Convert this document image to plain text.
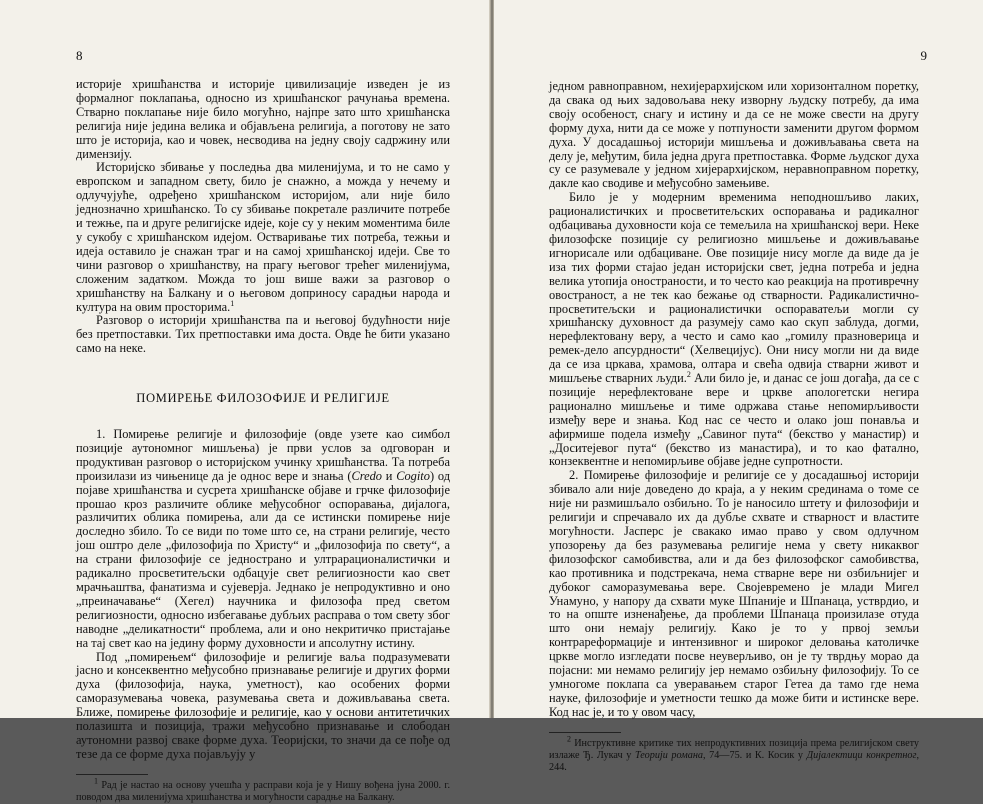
8

историје хришћанства и историје цивилизације изведен је из формалног поклапања, односно из хришћанског рачунања времена. Стварно поклапање није било могућно, најпре зато што хришћанска религија није једина велика и објављена религија, а поготову не зато што је историја, као и човек, несводива на једну своју садржину или димензију.

Историјско збивање у последња два миленијума, и то не само у европском и западном свету, било је снажно, а можда у нечему и одлучујуће, одређено хришћанском историјом, али није било једнозначно хришћанско. То су збивање покретале различите потребе и тежње, па и друге религијске идеје, које су у неким моментима биле у сукобу с хришћанском идејом. Остваривање тих потреба, тежњи и идеја оставило је снажан траг и на самој хришћанској идеји. Све то чини разговор о хришћанству, на прагу његовог трећег миленијума, сложеним задатком. Можда то још више важи за разговор о хришћанству на Балкану и о његовом доприносу сарадњи народа и култура на овим просторима.$^1$

Разговор о историји хришћанства па и његовој будућности није без претпоставки. Тих претпоставки има доста. Овде ће бити указано само на неке.

ПОМИРЕЊЕ ФИЛОЗОФИЈЕ И РЕЛИГИЈЕ

1. Помирење религије и филозофије (овде узете као симбол позиције аутономног мишљења) је први услов за одговоран и продуктиван разговор о историјском учинку хришћанства. Та потреба произилази из чињенице да је однос вере и знања (Credo и Cogito) од појаве хришћанства и сусрета хришћанске објаве и грчке филозофије прошао кроз различите облике међусобног оспоравања, дијалога, различитих облика помирења, али да се истински помирење није доследно збило. То се види по томе што се, на страни религије, често још оштро деле „филозофија по Христу“ и „филозофија по свету“, а на страни филозофије се једнострано и ултрарационалистички и радикално просветитељски одбацује свет религиозности као свет мрачњаштва, фанатизма и сујеверја. Једнако је непродуктивно и оно „преиначавање“ (Хегел) научника и филозофа пред светом религиозности, односно избегавање дубљих расправа о том свету због наводне „деликатности“ проблема, али и оно некритичко пристајање на тај свет као на једину форму духовности и апсолутну истину.

Под „помирењем“ филозофије и религије ваља подразумевати јасно и консеквентно међусобно признавање религије и других форми духа (филозофија, наука, уметност), као особених форми саморазумевања човека, разумевања света и доживљавања света. Ближе, помирење филозофије и религије, као у основи антитетичких полазишта и позиција, тражи међусобно признавање и слободан аутономни развој сваке форме духа. Теоријски, то значи да се пође од тезе да се форме духа појављују у

$^1$ Рад је настао на основу учешћа у расправи која је у Нишу вођена јуна 2000. г. поводом два миленијума хришћанства и могућности сарадње на Балкану.

9

једном равноправном, нехијерархијском или хоризонталном поретку, да свака од њих задовољава неку изворну људску потребу, да има своју особеност, снагу и истину и да се не може свести на другу форму духа, нити да се може у потпуности заменити другом формом духа. У досадашњој историји мишљења и доживљавања света на делу је, међутим, била једна друга претпоставка. Форме људског духа су се разумевале у једном хијерархијском, неравноправном поретку, дакле као сводиве и међусобно замењиве.

Било је у модерним временима неподношљиво лаких, рационалистичких и просветитељских оспоравања и радикалног одбацивања духовности која се темељила на хришћанској вери. Неке филозофске позиције су религиозно мишљење и доживљавање игнорисале или одбациване. Ове позиције нису могле да виде да је иза тих форми стајао један историјски свет, једна потреба и једна велика утопија оностраности, и то често као реакција на противречну овостраност, а не тек као бежање од стварности. Радикалистично-просветитељски и рационалистички оспораватељи могли су хришћанску духовност да разумеју само као скуп заблуда, догми, нерефлектовану веру, а често и само као „гомилу празноверица и ремек-дело апсурдности“ (Хелвецијус). Они нису могли ни да виде да се иза цркава, храмова, олтара и свећа одвија стварни живот и мишљење стварних људи.$^2$ Али било је, и данас се још догађа, да се с позиције нерефлектоване вере и црквe апологетски негира рационално мишљење и тиме одржава стање непомирљивости између вере и знања. Код нас се често и олако још понавља и афирмише подела између „Савиног пута“ (бекство у манастир) и „Доситејевог пута“ (бекство из манастира), и то као фатално, конзеквентне и непомирљиве објаве једне супротности.

2. Помирење филозофије и религије се у досадашњој историји збивало али није доведено до краја, а у неким срединама о томе се није ни размишљало озбиљно. То је наносило штету и филозофији и религији и спречавало их да дубље схвате и стварност и властите могућности. Јасперс је свакако имао право у свом одлучном упозорењу да без разумевања религије нема у свету никаквог филозофског самобивства, али и да без филозофског самобивства, као противника и подстрекача, нема стварне вере ни озбиљнијег и дубоког саморазумевања вере. Својевремено је млади Мигел Унамуно, у напору да схвати муке Шпаније и Шпанаца, устврдио, и то на опште изненађење, да проблеми Шпанаца произилазе отуда што они немају религију. Како је то у првој земљи контрареформације и интензивног и широког деловања католичке цркве могло изгледати посве неуверљиво, он је ту тврдњу морао да појасни: ми немамо религију јер немамо озбиљну филозофију. То се умногоме поклапа са уверавањем старог Гетеа да тамо где нема науке, филозофије и уметности тешко да може бити и истинске вере. Код нас је, и то у овом часу,

$^2$ Инструктивне критике тих непродуктивних позиција према религијском свету излаже Ђ. Лукач у Теорији романа, 74—75. и К. Косик у Дијалектици конкретног, 244.
